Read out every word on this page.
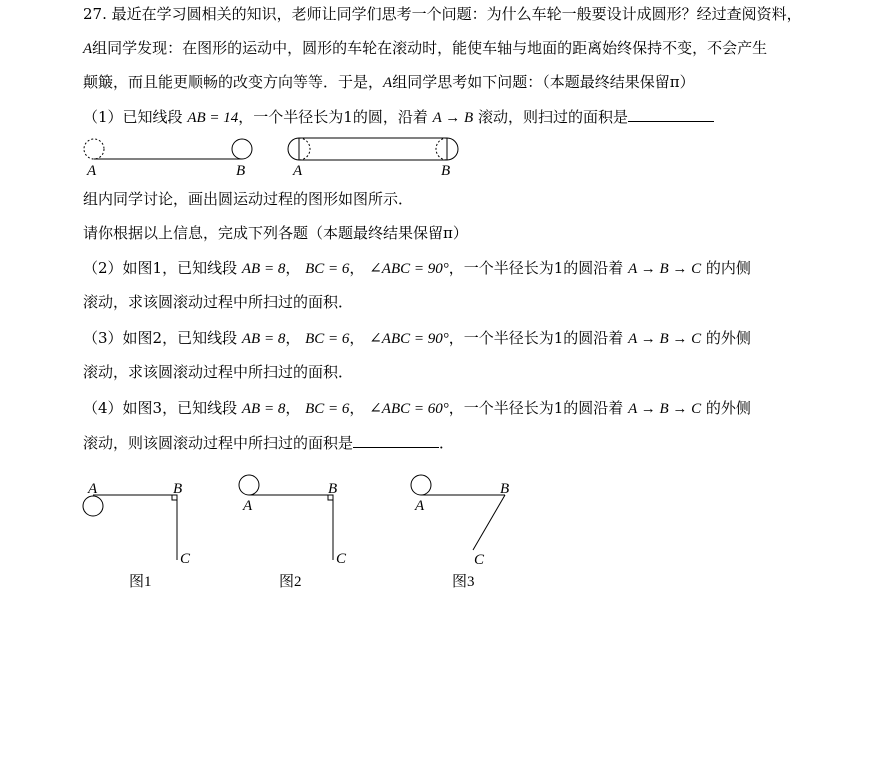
27. 最近在学习圆相关的知识，老师让同学们思考一个问题：为什么车轮一般要设计成圆形？经过查阅资料，
A组同学发现：在图形的运动中，圆形的车轮在滚动时，能使车轴与地面的距离始终保持不变，不会产生
颠簸，而且能更顺畅的改变方向等等．于是，A组同学思考如下问题：（本题最终结果保留π）
（1）已知线段 AB = 14，一个半径长为1的圆，沿着 A → B 滚动，则扫过的面积是
组内同学讨论，画出圆运动过程的图形如图所示．
请你根据以上信息，完成下列各题（本题最终结果保留π）
（2）如图1，已知线段 AB = 8， BC = 6， ∠ABC = 90°，一个半径长为1的圆沿着 A → B → C 的内侧
滚动，求该圆滚动过程中所扫过的面积．
（3）如图2，已知线段 AB = 8， BC = 6， ∠ABC = 90°，一个半径长为1的圆沿着 A → B → C 的外侧
滚动，求该圆滚动过程中所扫过的面积．
（4）如图3，已知线段 AB = 8， BC = 6， ∠ABC = 60°，一个半径长为1的圆沿着 A → B → C 的外侧
滚动，则该圆滚动过程中所扫过的面积是	．
A	B	A	B
A	B
C
图1
A
B
C
图2
A
B
C
图3
